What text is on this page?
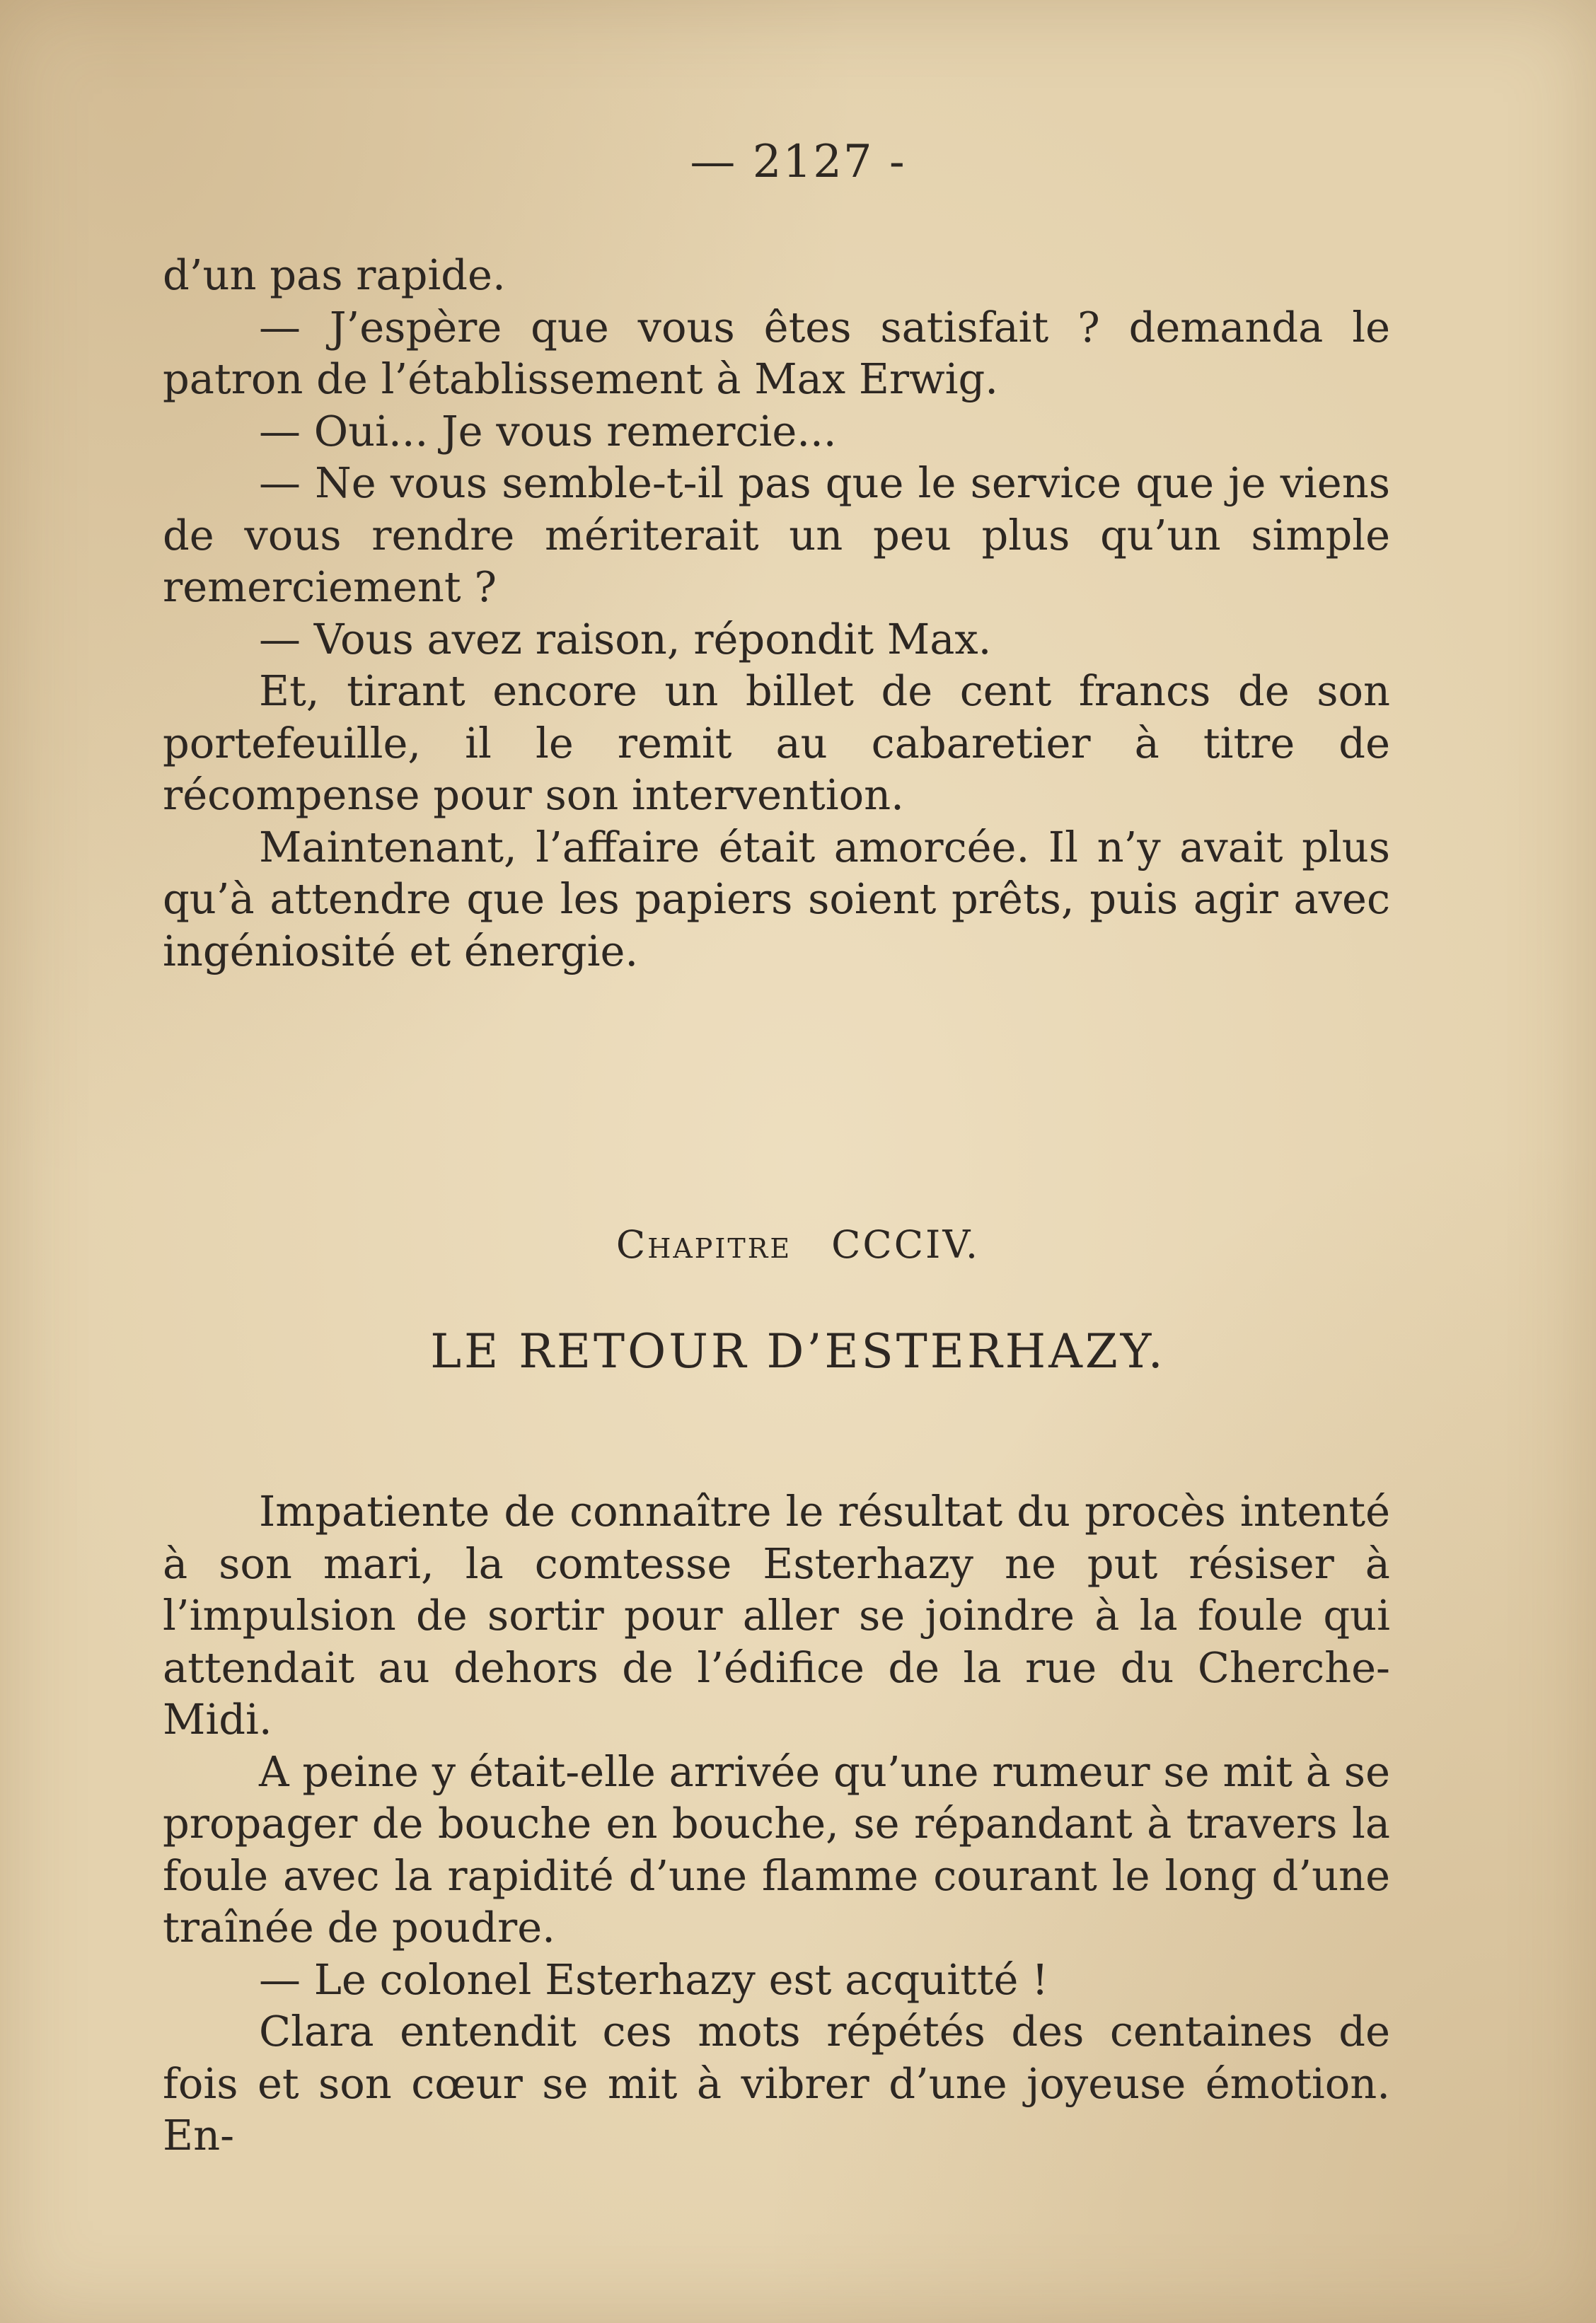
— 2127 -

d’un pas rapide.

— J’espère que vous êtes satisfait ? demanda le patron de l’établissement à Max Erwig.

— Oui... Je vous remercie...

— Ne vous semble-t-il pas que le service que je viens de vous rendre mériterait un peu plus qu’un simple remerciement ?

— Vous avez raison, répondit Max.

Et, tirant encore un billet de cent francs de son portefeuille, il le remit au cabaretier à titre de récompense pour son intervention.

Maintenant, l’affaire était amorcée. Il n’y avait plus qu’à attendre que les papiers soient prêts, puis agir avec ingéniosité et énergie.

Chapitre CCCIV.
LE RETOUR D’ESTERHAZY.

Impatiente de connaître le résultat du procès intenté à son mari, la comtesse Esterhazy ne put résiser à l’impulsion de sortir pour aller se joindre à la foule qui attendait au dehors de l’édifice de la rue du Cherche-Midi.

A peine y était-elle arrivée qu’une rumeur se mit à se propager de bouche en bouche, se répandant à travers la foule avec la rapidité d’une flamme courant le long d’une traînée de poudre.

— Le colonel Esterhazy est acquitté !

Clara entendit ces mots répétés des centaines de fois et son cœur se mit à vibrer d’une joyeuse émotion. En-
